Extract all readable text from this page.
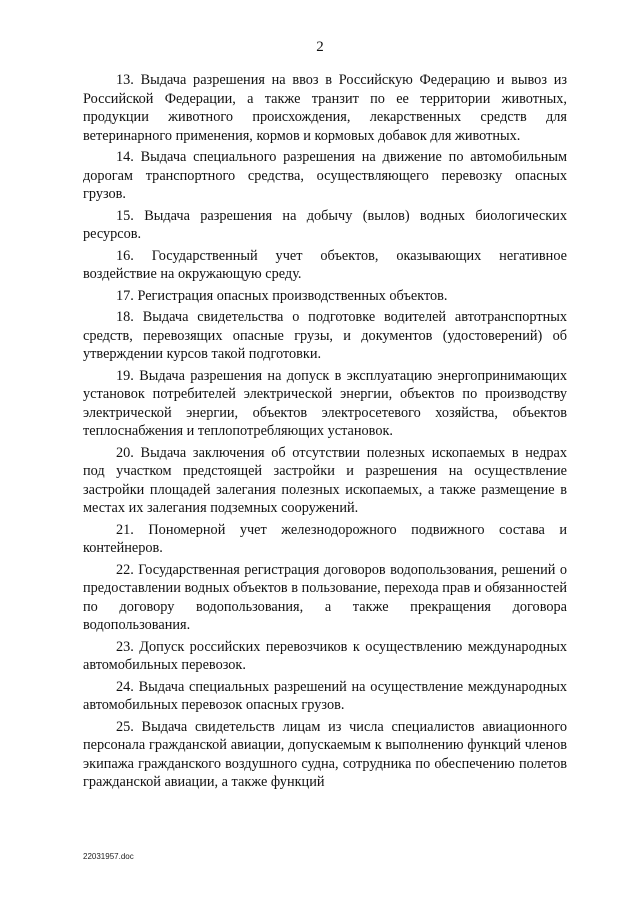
2

13. Выдача разрешения на ввоз в Российскую Федерацию и вывоз из Российской Федерации, а также транзит по ее территории животных, продукции животного происхождения, лекарственных средств для ветеринарного применения, кормов и кормовых добавок для животных.

14. Выдача специального разрешения на движение по автомобильным дорогам транспортного средства, осуществляющего перевозку опасных грузов.

15. Выдача разрешения на добычу (вылов) водных биологических ресурсов.

16. Государственный учет объектов, оказывающих негативное воздействие на окружающую среду.

17. Регистрация опасных производственных объектов.

18. Выдача свидетельства о подготовке водителей автотранспортных средств, перевозящих опасные грузы, и документов (удостоверений) об утверждении курсов такой подготовки.

19. Выдача разрешения на допуск в эксплуатацию энергопринимающих установок потребителей электрической энергии, объектов по производству электрической энергии, объектов электросетевого хозяйства, объектов теплоснабжения и теплопотребляющих установок.

20. Выдача заключения об отсутствии полезных ископаемых в недрах под участком предстоящей застройки и разрешения на осуществление застройки площадей залегания полезных ископаемых, а также размещение в местах их залегания подземных сооружений.

21. Пономерной учет железнодорожного подвижного состава и контейнеров.

22. Государственная регистрация договоров водопользования, решений о предоставлении водных объектов в пользование, перехода прав и обязанностей по договору водопользования, а также прекращения договора водопользования.

23. Допуск российских перевозчиков к осуществлению международных автомобильных перевозок.

24. Выдача специальных разрешений на осуществление международных автомобильных перевозок опасных грузов.

25. Выдача свидетельств лицам из числа специалистов авиационного персонала гражданской авиации, допускаемым к выполнению функций членов экипажа гражданского воздушного судна, сотрудника по обеспечению полетов гражданской авиации, а также функций

22031957.doc
